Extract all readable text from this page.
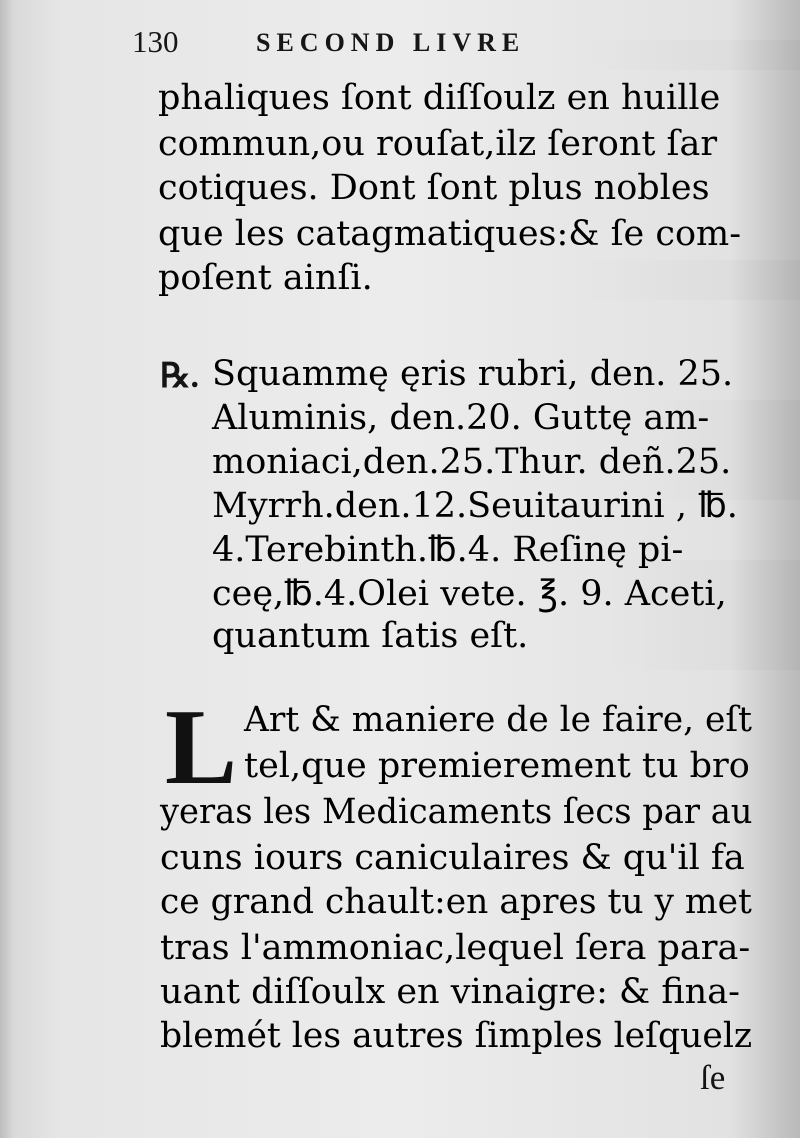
130	SECOND LIVRE
phaliques ſont diſſoulz en huille
commun,ou rouſat,ilz ſeront ſar
cotiques. Dont ſont plus nobles
que les catagmatiques:& ſe com-
poſent ainſi.
℞. Squammę ęris rubri, den. 25.
Aluminis, den.20. Guttę am-
moniaci,den.25.Thur. deñ.25.
Myrrh.den.12.Seuitaurini , ℔.
4.Terebinth.℔.4. Reſinę pi-
ceę,℔.4.Olei vete. ℥. 9. Aceti,
quantum ſatis eſt.
L Art & maniere de le faire, eſt
tel,que premierement tu bro
yeras les Medicaments ſecs par au
cuns iours caniculaires & qu'il fa
ce grand chault:en apres tu y met
tras l'ammoniac,lequel ſera para-
uant diſſoulx en vinaigre: & fina-
blemét les autres ſimples leſquelz
ſe
